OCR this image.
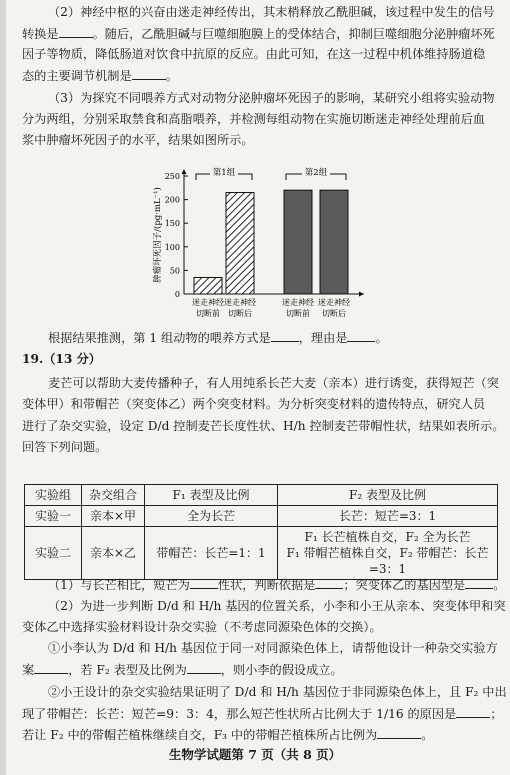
（2）神经中枢的兴奋由迷走神经传出，其末梢释放乙酰胆碱，该过程中发生的信号
转换是	。随后，乙酰胆碱与巨噬细胞膜上的受体结合，抑制巨噬细胞分泌肿瘤坏死
因子等物质，降低肠道对饮食中抗原的反应。由此可知，在这一过程中机体维持肠道稳
态的主要调节机制是	。
（3）为探究不同喂养方式对动物分泌肿瘤坏死因子的影响，某研究小组将实验动物
分为两组，分别采取禁食和高脂喂养，并检测每组动物在实施切断迷走神经处理前后血
浆中肿瘤坏死因子的水平，结果如图所示。
0
50
100
150
200
250
肿瘤坏死因子/(pg·mL⁻¹)
迷走神经
切断前
迷走神经
切断后
迷走神经
切断前
迷走神经
切断后
第1组	第2组
根据结果推测，第 1 组动物的喂养方式是 ，理由是 。
19.（13 分）
麦芒可以帮助大麦传播种子，有人用纯系长芒大麦（亲本）进行诱变，获得短芒（突
变体甲）和带帽芒（突变体乙）两个突变材料。为分析突变材料的遗传特点，研究人员
进行了杂交实验，设定 D/d 控制麦芒长度性状、H/h 控制麦芒带帽性状，结果如表所示。
回答下列问题。
实验组	杂交组合	F₁ 表型及比例	F₂ 表型及比例
实验一	亲本×甲	全为长芒	长芒：短芒=3：1
实验二	亲本×乙	带帽芒：长芒=1：1	F₁ 长芒植株自交，F₂ 全为长芒
F₁ 带帽芒植株自交，F₂ 带帽芒：长芒=3：1
（1）与长芒相比，短芒为 性状，判断依据是 ；突变体乙的基因型是 。
（2）为进一步判断 D/d 和 H/h 基因的位置关系，小李和小王从亲本、突变体甲和突
变体乙中选择实验材料设计杂交实验（不考虑同源染色体的交换）。
①小李认为 D/d 和 H/h 基因位于同一对同源染色体上，请帮他设计一种杂交实验方
案	，若 F₂ 表型及比例为	，则小李的假设成立。
②小王设计的杂交实验结果证明了 D/d 和 H/h 基因位于非同源染色体上，且 F₂ 中出
现了带帽芒：长芒：短芒=9：3：4，那么短芒性状所占比例大于 1/16 的原因是	；
若让 F₂ 中的带帽芒植株继续自交，F₃ 中的带帽芒植株所占比例为	。
生物学试题第 7 页（共 8 页）
